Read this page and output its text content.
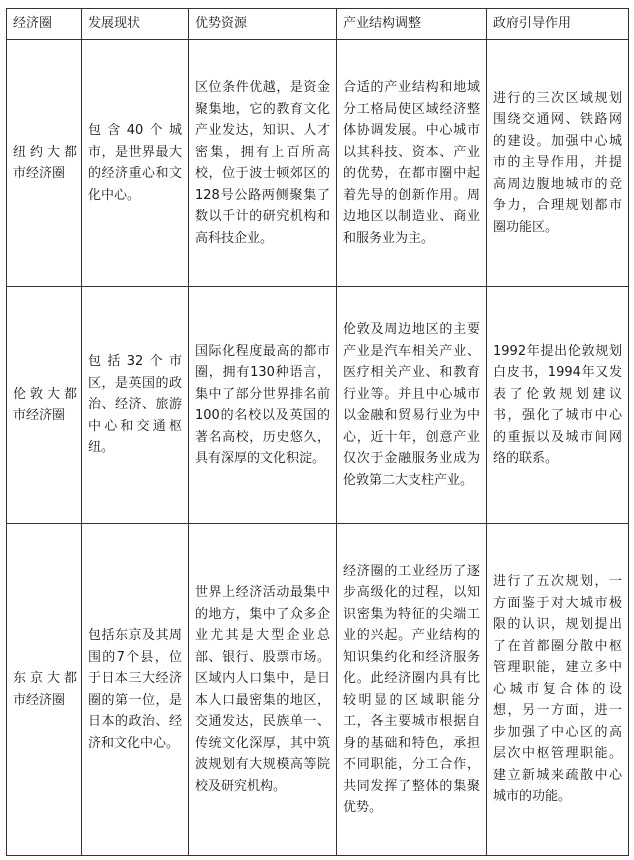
经济圈	发展现状	优势资源	产业结构调整	政府引导作用
纽约大都市经济圈	包含40个城市，是世界最大的经济重心和文化中心。	区位条件优越，是资金聚集地，它的教育文化产业发达，知识、人才密集，拥有上百所高校，位于波士顿郊区的128号公路两侧聚集了数以千计的研究机构和高科技企业。	合适的产业结构和地域分工格局使区域经济整体协调发展。中心城市以其科技、资本、产业的优势，在都市圈中起着先导的创新作用。周边地区以制造业、商业和服务业为主。	进行的三次区域规划围绕交通网、铁路网的建设。加强中心城市的主导作用，并提高周边腹地城市的竞争力，合理规划都市圈功能区。
伦敦大都市经济圈	包括32个市区，是英国的政治、经济、旅游中心和交通枢纽。	国际化程度最高的都市圈，拥有130种语言，集中了部分世界排名前100的名校以及英国的著名高校，历史悠久，具有深厚的文化积淀。	伦敦及周边地区的主要产业是汽车相关产业、医疗相关产业、和教育行业等。并且中心城市以金融和贸易行业为中心，近十年，创意产业仅次于金融服务业成为伦敦第二大支柱产业。	1992年提出伦敦规划白皮书，1994年又发表了伦敦规划建议书，强化了城市中心的重振以及城市间网络的联系。
东京大都市经济圈	包括东京及其周围的7个县，位于日本三大经济圈的第一位，是日本的政治、经济和文化中心。	世界上经济活动最集中的地方，集中了众多企业尤其是大型企业总部、银行、股票市场。区域内人口集中，是日本人口最密集的地区，交通发达，民族单一、传统文化深厚，其中筑波规划有大规模高等院校及研究机构。	经济圈的工业经历了逐步高级化的过程，以知识密集为特征的尖端工业的兴起。产业结构的知识集约化和经济服务化。此经济圈内具有比较明显的区域职能分工，各主要城市根据自身的基础和特色，承担不同职能，分工合作，共同发挥了整体的集聚优势。	进行了五次规划，一方面鉴于对大城市极限的认识，规划提出了在首都圈分散中枢管理职能，建立多中心城市复合体的设想，另一方面，进一步加强了中心区的高层次中枢管理职能。建立新城来疏散中心城市的功能。
